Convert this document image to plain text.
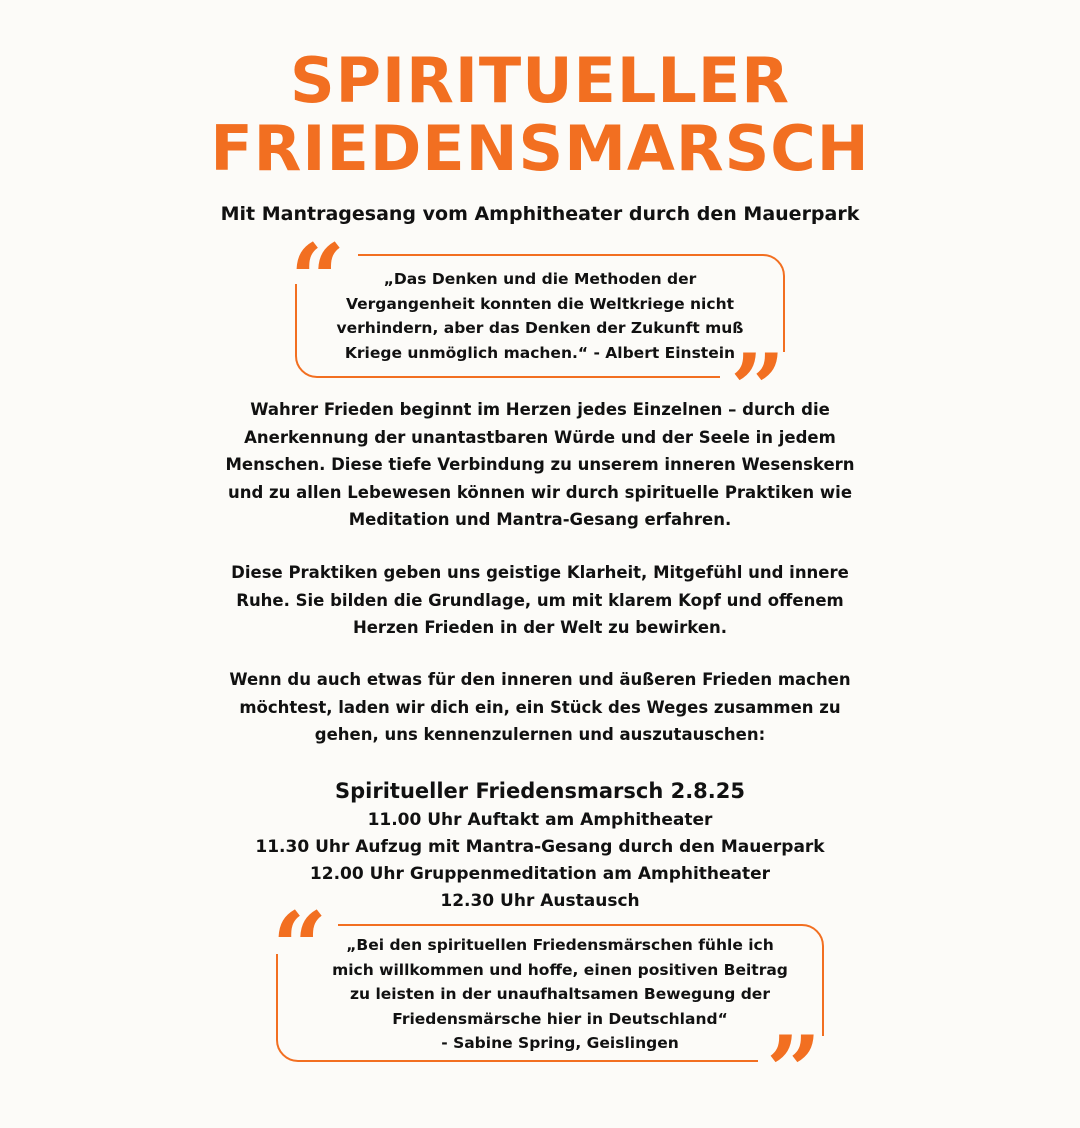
SPIRITUELLER
FRIEDENSMARSCH
Mit Mantragesang vom Amphitheater durch den Mauerpark
“
”
„Das Denken und die Methoden der
Vergangenheit konnten die Weltkriege nicht
verhindern, aber das Denken der Zukunft muß
Kriege unmöglich machen.“ - Albert Einstein
Wahrer Frieden beginnt im Herzen jedes Einzelnen – durch die
Anerkennung der unantastbaren Würde und der Seele in jedem
Menschen. Diese tiefe Verbindung zu unserem inneren Wesenskern
und zu allen Lebewesen können wir durch spirituelle Praktiken wie
Meditation und Mantra-Gesang erfahren.
Diese Praktiken geben uns geistige Klarheit, Mitgefühl und innere
Ruhe. Sie bilden die Grundlage, um mit klarem Kopf und offenem
Herzen Frieden in der Welt zu bewirken.
Wenn du auch etwas für den inneren und äußeren Frieden machen
möchtest, laden wir dich ein, ein Stück des Weges zusammen zu
gehen, uns kennenzulernen und auszutauschen:
Spiritueller Friedensmarsch 2.8.25
11.00 Uhr Auftakt am Amphitheater
11.30 Uhr Aufzug mit Mantra-Gesang durch den Mauerpark
12.00 Uhr Gruppenmeditation am Amphitheater
12.30 Uhr Austausch
“
”
„Bei den spirituellen Friedensmärschen fühle ich
mich willkommen und hoffe, einen positiven Beitrag
zu leisten in der unaufhaltsamen Bewegung der
Friedensmärsche hier in Deutschland“
- Sabine Spring, Geislingen
